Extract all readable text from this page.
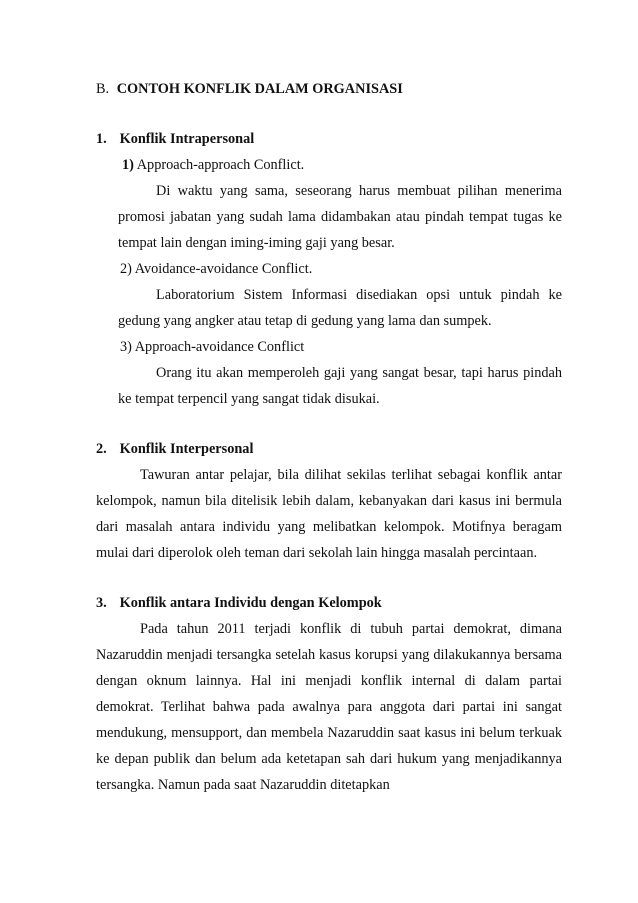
B. CONTOH KONFLIK DALAM ORGANISASI
1. Konflik Intrapersonal
1) Approach-approach Conflict.

Di waktu yang sama, seseorang harus membuat pilihan menerima promosi jabatan yang sudah lama didambakan atau pindah tempat tugas ke tempat lain dengan iming-iming gaji yang besar.

2) Avoidance-avoidance Conflict.

Laboratorium Sistem Informasi disediakan opsi untuk pindah ke gedung yang angker atau tetap di gedung yang lama dan sumpek.

3) Approach-avoidance Conflict

Orang itu akan memperoleh gaji yang sangat besar, tapi harus pindah ke tempat terpencil yang sangat tidak disukai.

2. Konflik Interpersonal

Tawuran antar pelajar, bila dilihat sekilas terlihat sebagai konflik antar kelompok, namun bila ditelisik lebih dalam, kebanyakan dari kasus ini bermula dari masalah antara individu yang melibatkan kelompok. Motifnya beragam mulai dari diperolok oleh teman dari sekolah lain hingga masalah percintaan.

3. Konflik antara Individu dengan Kelompok

Pada tahun 2011 terjadi konflik di tubuh partai demokrat, dimana Nazaruddin menjadi tersangka setelah kasus korupsi yang dilakukannya bersama dengan oknum lainnya. Hal ini menjadi konflik internal di dalam partai demokrat. Terlihat bahwa pada awalnya para anggota dari partai ini sangat mendukung, mensupport, dan membela Nazaruddin saat kasus ini belum terkuak ke depan publik dan belum ada ketetapan sah dari hukum yang menjadikannya tersangka. Namun pada saat Nazaruddin ditetapkan
